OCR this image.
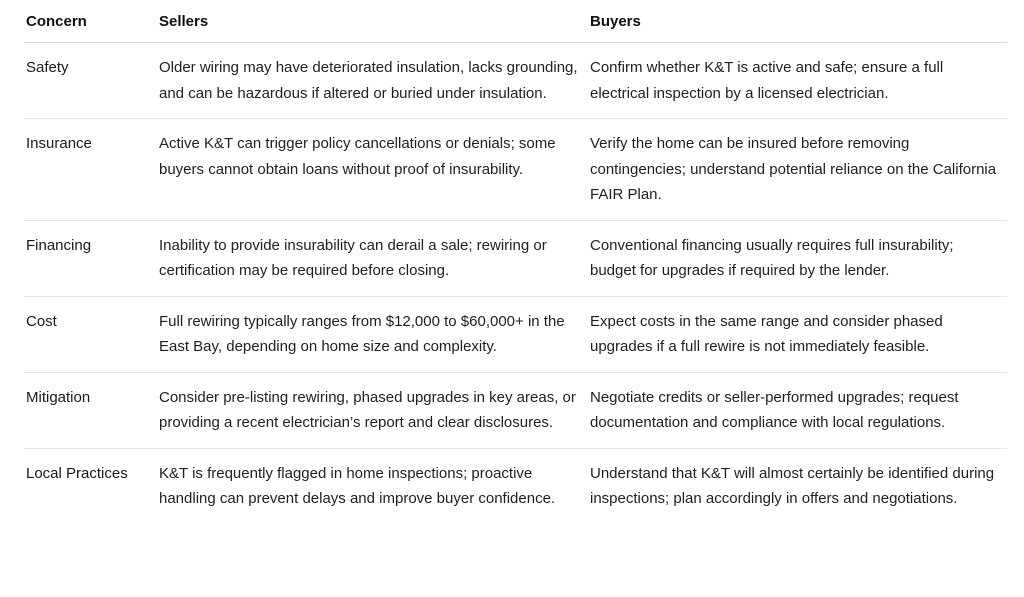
Concern	Sellers	Buyers
Safety	Older wiring may have deteriorated insulation, lacks grounding, and can be hazardous if altered or buried under insulation.	Confirm whether K&T is active and safe; ensure a full electrical inspection by a licensed electrician.
Insurance	Active K&T can trigger policy cancellations or denials; some buyers cannot obtain loans without proof of insurability.	Verify the home can be insured before removing contingencies; understand potential reliance on the California FAIR Plan.
Financing	Inability to provide insurability can derail a sale; rewiring or certification may be required before closing.	Conventional financing usually requires full insurability; budget for upgrades if required by the lender.
Cost	Full rewiring typically ranges from $12,000 to $60,000+ in the East Bay, depending on home size and complexity.	Expect costs in the same range and consider phased upgrades if a full rewire is not immediately feasible.
Mitigation	Consider pre-listing rewiring, phased upgrades in key areas, or providing a recent electrician’s report and clear disclosures.	Negotiate credits or seller-performed upgrades; request documentation and compliance with local regulations.
Local Practices	K&T is frequently flagged in home inspections; proactive handling can prevent delays and improve buyer confidence.	Understand that K&T will almost certainly be identified during inspections; plan accordingly in offers and negotiations.
